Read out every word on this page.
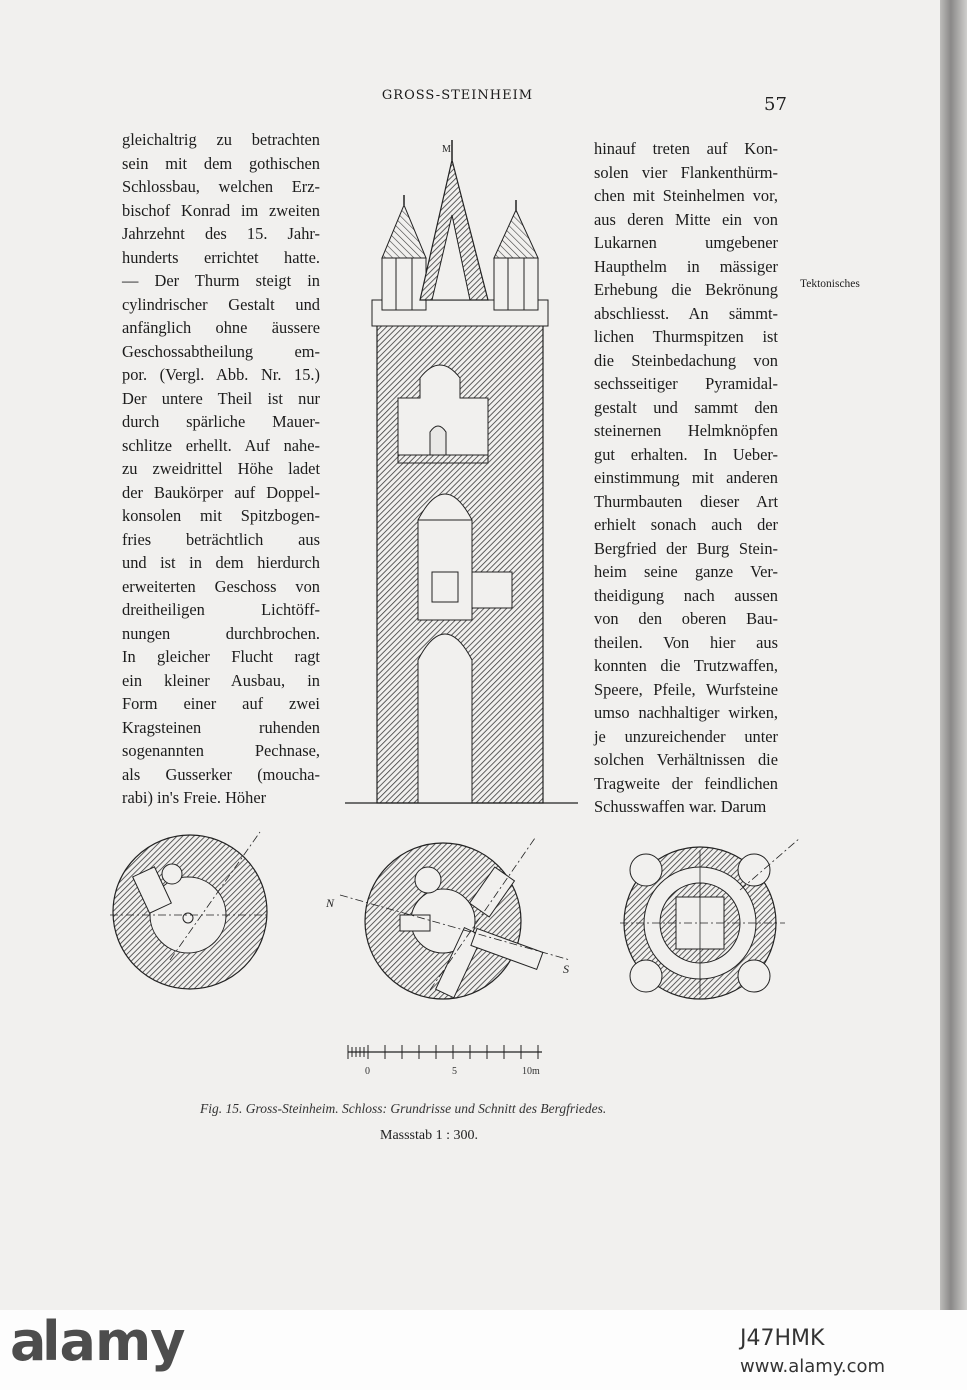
GROSS-STEINHEIM	57
Tektonisches
gleichaltrig zu betrachten
sein mit dem gothischen
Schlossbau, welchen Erz-
bischof Konrad im zweiten
Jahrzehnt des 15. Jahr-
hunderts errichtet hatte.
— Der Thurm steigt in
cylindrischer Gestalt und
anfänglich ohne äussere
Geschossabtheilung em-
por. (Vergl. Abb. Nr. 15.)
Der untere Theil ist nur
durch spärliche Mauer-
schlitze erhellt. Auf nahe-
zu zweidrittel Höhe ladet
der Baukörper auf Doppel-
konsolen mit Spitzbogen-
fries beträchtlich aus
und ist in dem hierdurch
erweiterten Geschoss von
dreitheiligen Lichtöff-
nungen durchbrochen.
In gleicher Flucht ragt
ein kleiner Ausbau, in
Form einer auf zwei
Kragsteinen ruhenden
sogenannten Pechnase,
als Gusserker (moucha-
rabi) in's Freie. Höher
hinauf treten auf Kon-
solen vier Flankenthürm-
chen mit Steinhelmen vor,
aus deren Mitte ein von
Lukarnen umgebener
Haupthelm in mässiger
Erhebung die Bekrönung
abschliesst. An sämmt-
lichen Thurmspitzen ist
die Steinbedachung von
sechsseitiger Pyramidal-
gestalt und sammt den
steinernen Helmknöpfen
gut erhalten. In Ueber-
einstimmung mit anderen
Thurmbauten dieser Art
erhielt sonach auch der
Bergfried der Burg Stein-
heim seine ganze Ver-
theidigung nach aussen
von den oberen Bau-
theilen. Von hier aus
konnten die Trutzwaffen,
Speere, Pfeile, Wurfsteine
umso nachhaltiger wirken,
je unzureichender unter
solchen Verhältnissen die
Tragweite der feindlichen
Schusswaffen war. Darum
M
a
lamy
N
S
0	5	10m
Fig. 15. Gross-Steinheim. Schloss: Grundrisse und Schnitt des Bergfriedes.
Massstab 1 : 300.
J47HMK
www.alamy.com
